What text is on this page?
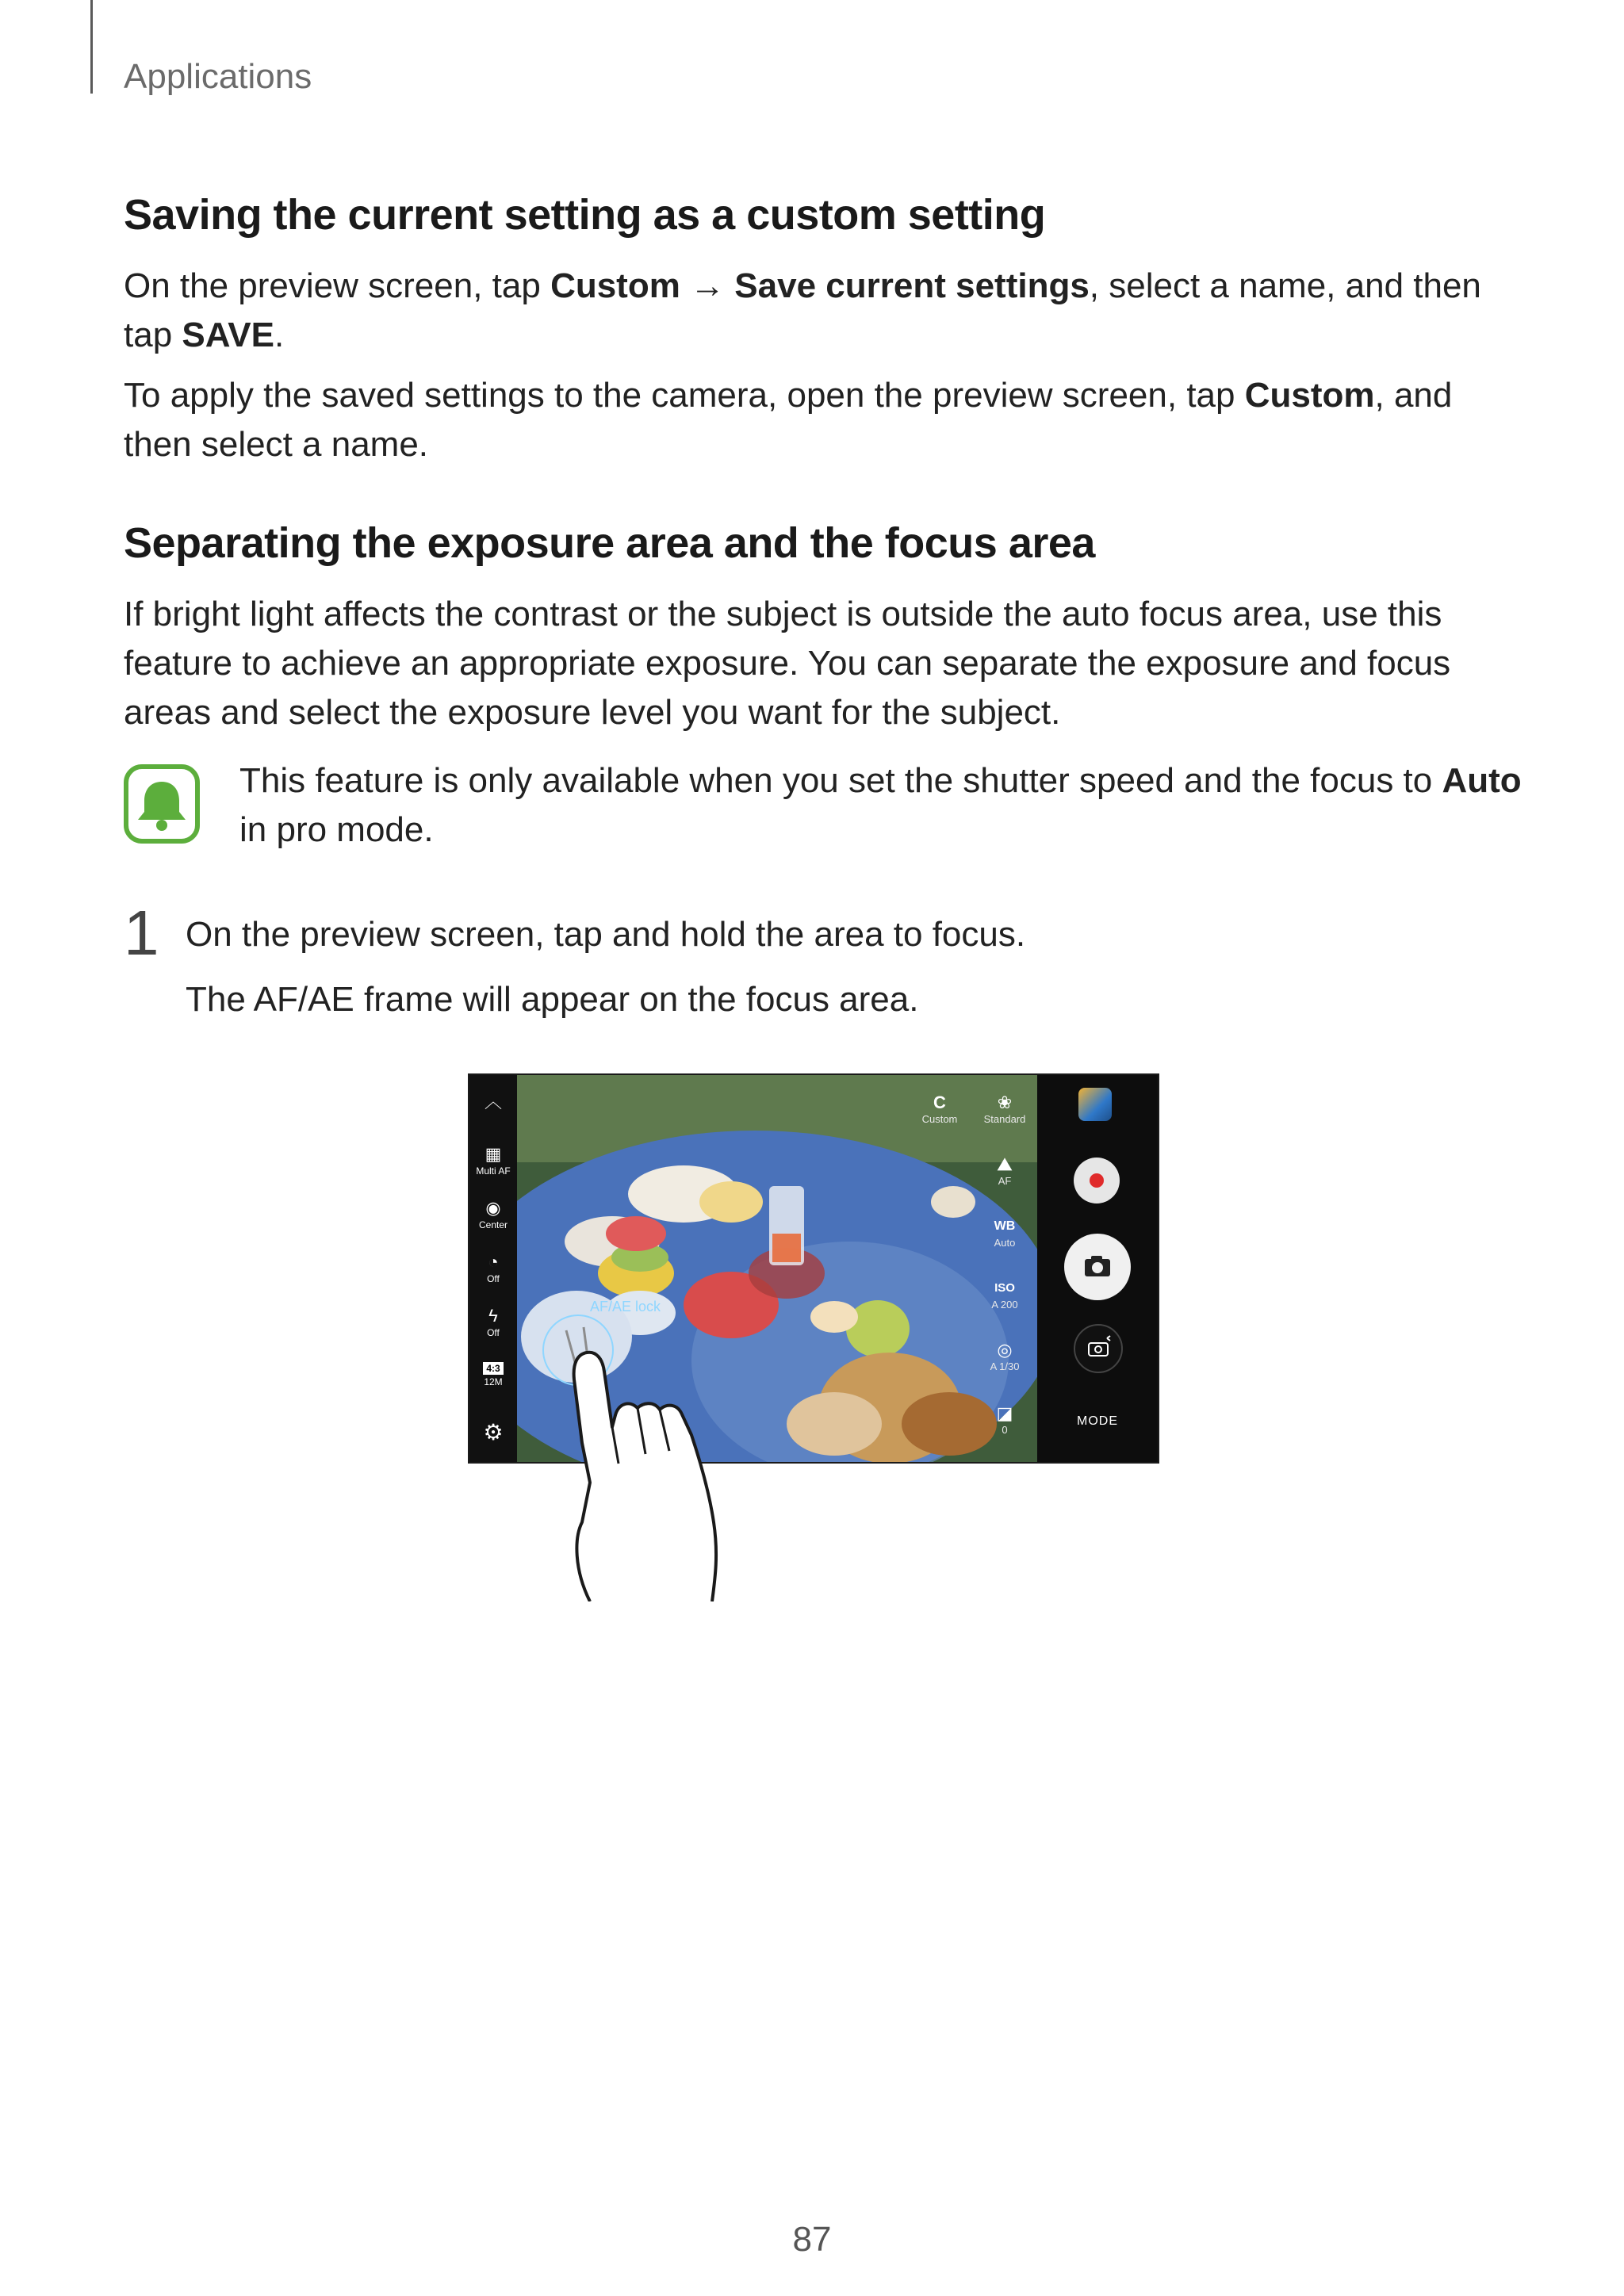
Applications
Saving the current setting as a custom setting

On the preview screen, tap Custom → Save current settings, select a name, and then tap SAVE.

To apply the saved settings to the camera, open the preview screen, tap Custom, and then select a name.

Separating the exposure area and the focus area

If bright light affects the contrast or the subject is outside the auto focus area, use this feature to achieve an appropriate exposure. You can separate the exposure and focus areas and select the exposure level you want for the subject.

This feature is only available when you set the shutter speed and the focus to Auto in pro mode.

1 On the preview screen, tap and hold the area to focus.

The AF/AE frame will appear on the focus area.

︿
▦
Multi AF
◉
Center
◔
Off
ϟ
Off
4:3
12M
⚙
AF/AE lock
C
Custom
❀
Standard
⛰
AF
WB
Auto
ISO
A 200
◎
A 1/30
◪
0
MODE
87
